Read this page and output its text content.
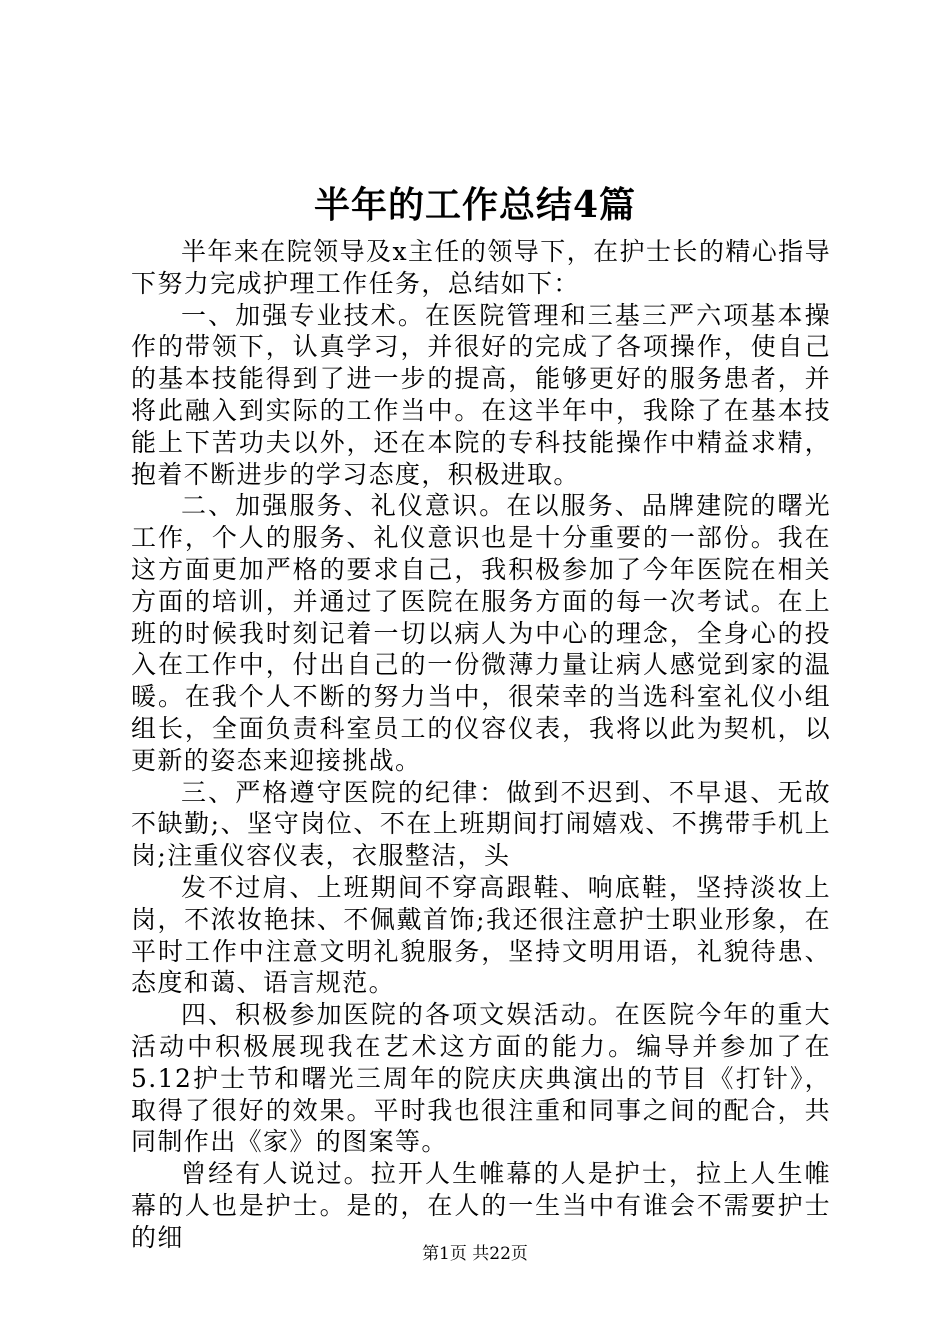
半年的工作总结4篇

半年来在院领导及x主任的领导下，在护士长的精心指导下努力完成护理工作任务，总结如下：

一、加强专业技术。在医院管理和三基三严六项基本操作的带领下，认真学习，并很好的完成了各项操作，使自己的基本技能得到了进一步的提高，能够更好的服务患者，并将此融入到实际的工作当中。在这半年中，我除了在基本技能上下苦功夫以外，还在本院的专科技能操作中精益求精，抱着不断进步的学习态度，积极进取。

二、加强服务、礼仪意识。在以服务、品牌建院的曙光工作，个人的服务、礼仪意识也是十分重要的一部份。我在这方面更加严格的要求自己，我积极参加了今年医院在相关方面的培训，并通过了医院在服务方面的每一次考试。在上班的时候我时刻记着一切以病人为中心的理念，全身心的投入在工作中，付出自己的一份微薄力量让病人感觉到家的温暖。在我个人不断的努力当中，很荣幸的当选科室礼仪小组组长，全面负责科室员工的仪容仪表，我将以此为契机，以更新的姿态来迎接挑战。

三、严格遵守医院的纪律：做到不迟到、不早退、无故不缺勤;、坚守岗位、不在上班期间打闹嬉戏、不携带手机上岗;注重仪容仪表，衣服整洁，头

发不过肩、上班期间不穿高跟鞋、响底鞋，坚持淡妆上岗，不浓妆艳抹、不佩戴首饰;我还很注意护士职业形象，在平时工作中注意文明礼貌服务，坚持文明用语，礼貌待患、态度和蔼、语言规范。

四、积极参加医院的各项文娱活动。在医院今年的重大活动中积极展现我在艺术这方面的能力。编导并参加了在5.12护士节和曙光三周年的院庆庆典演出的节目《打针》，取得了很好的效果。平时我也很注重和同事之间的配合，共同制作出《家》的图案等。

曾经有人说过。拉开人生帷幕的人是护士，拉上人生帷幕的人也是护士。是的，在人的一生当中有谁会不需要护士的细

第1页 共22页
